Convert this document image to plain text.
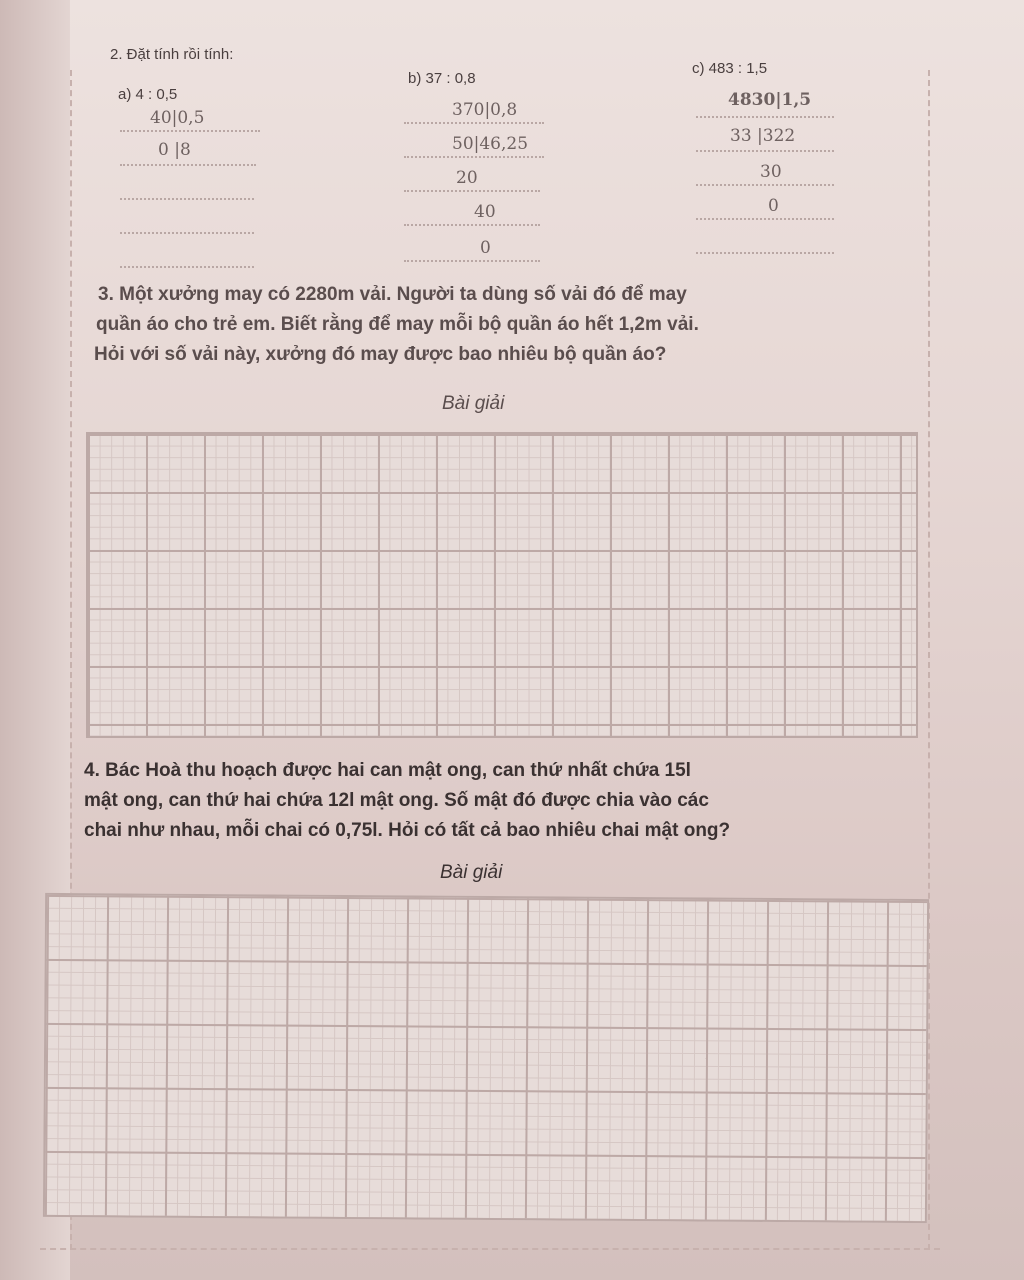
2. Đặt tính rồi tính:
a) 4 : 0,5
b) 37 : 0,8
c) 483 : 1,5
40|0,5
0 |8
370|0,8
50|46,25
20
40
0
4830|1,5
33 |322
30
0
3. Một xưởng may có 2280m vải. Người ta dùng số vải đó để may
quần áo cho trẻ em. Biết rằng để may mỗi bộ quần áo hết 1,2m vải.
Hỏi với số vải này, xưởng đó may được bao nhiêu bộ quần áo?
Bài giải
4. Bác Hoà thu hoạch được hai can mật ong, can thứ nhất chứa 15l
mật ong, can thứ hai chứa 12l mật ong. Số mật đó được chia vào các
chai như nhau, mỗi chai có 0,75l. Hỏi có tất cả bao nhiêu chai mật ong?
Bài giải
